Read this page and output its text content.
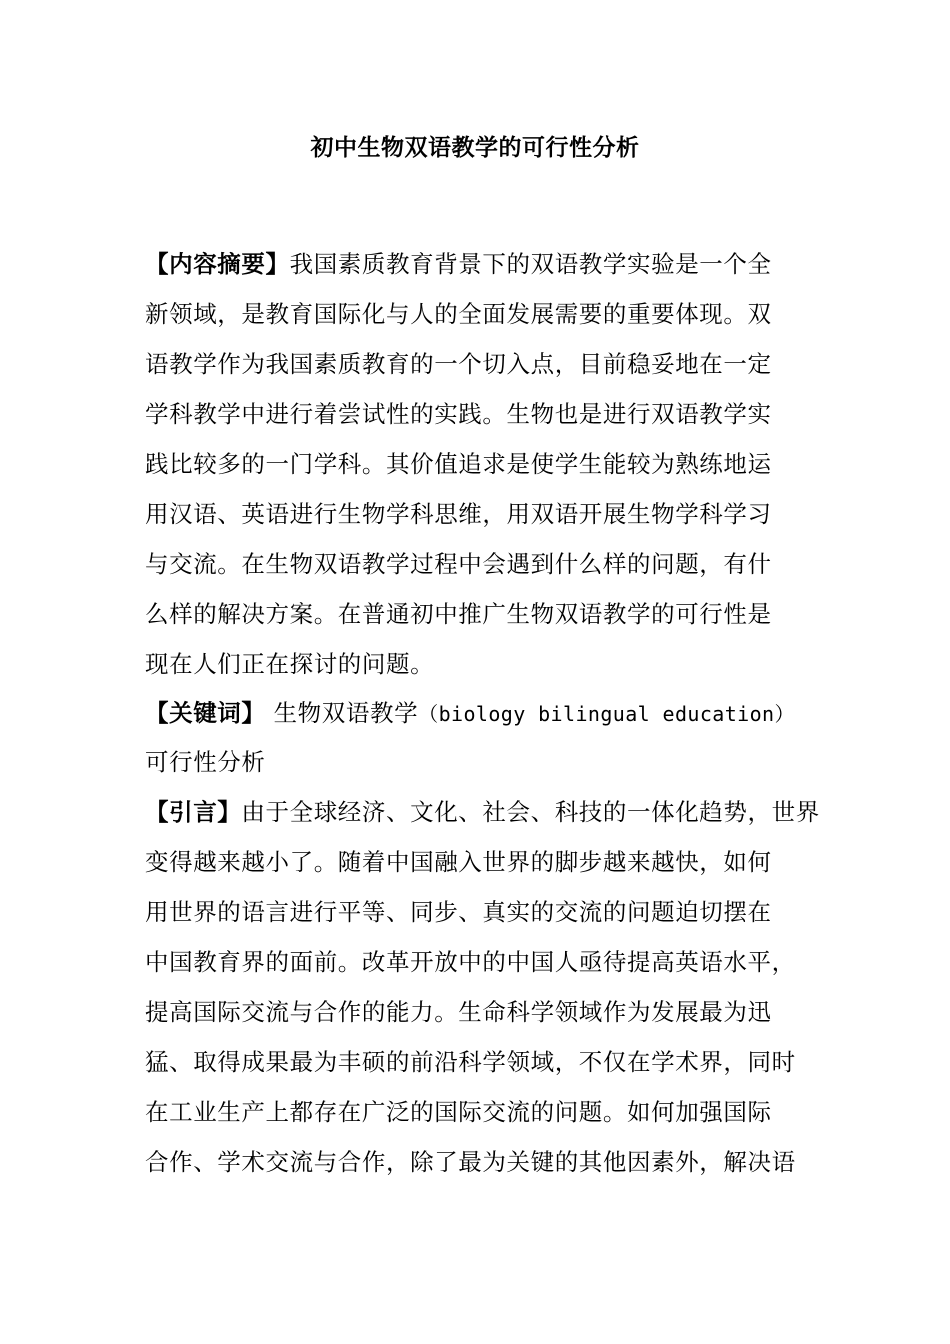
初中生物双语教学的可行性分析
【内容摘要】我国素质教育背景下的双语教学实验是一个全
新领域，是教育国际化与人的全面发展需要的重要体现。双
语教学作为我国素质教育的一个切入点，目前稳妥地在一定
学科教学中进行着尝试性的实践。生物也是进行双语教学实
践比较多的一门学科。其价值追求是使学生能较为熟练地运
用汉语、英语进行生物学科思维，用双语开展生物学科学习
与交流。在生物双语教学过程中会遇到什么样的问题，有什
么样的解决方案。在普通初中推广生物双语教学的可行性是
现在人们正在探讨的问题。
【关键词】 生物双语教学（biology bilingual education）
可行性分析
【引言】由于全球经济、文化、社会、科技的一体化趋势，世界
变得越来越小了。随着中国融入世界的脚步越来越快，如何
用世界的语言进行平等、同步、真实的交流的问题迫切摆在
中国教育界的面前。改革开放中的中国人亟待提高英语水平，
提高国际交流与合作的能力。生命科学领域作为发展最为迅
猛、取得成果最为丰硕的前沿科学领域，不仅在学术界，同时
在工业生产上都存在广泛的国际交流的问题。如何加强国际
合作、学术交流与合作，除了最为关键的其他因素外，解决语
